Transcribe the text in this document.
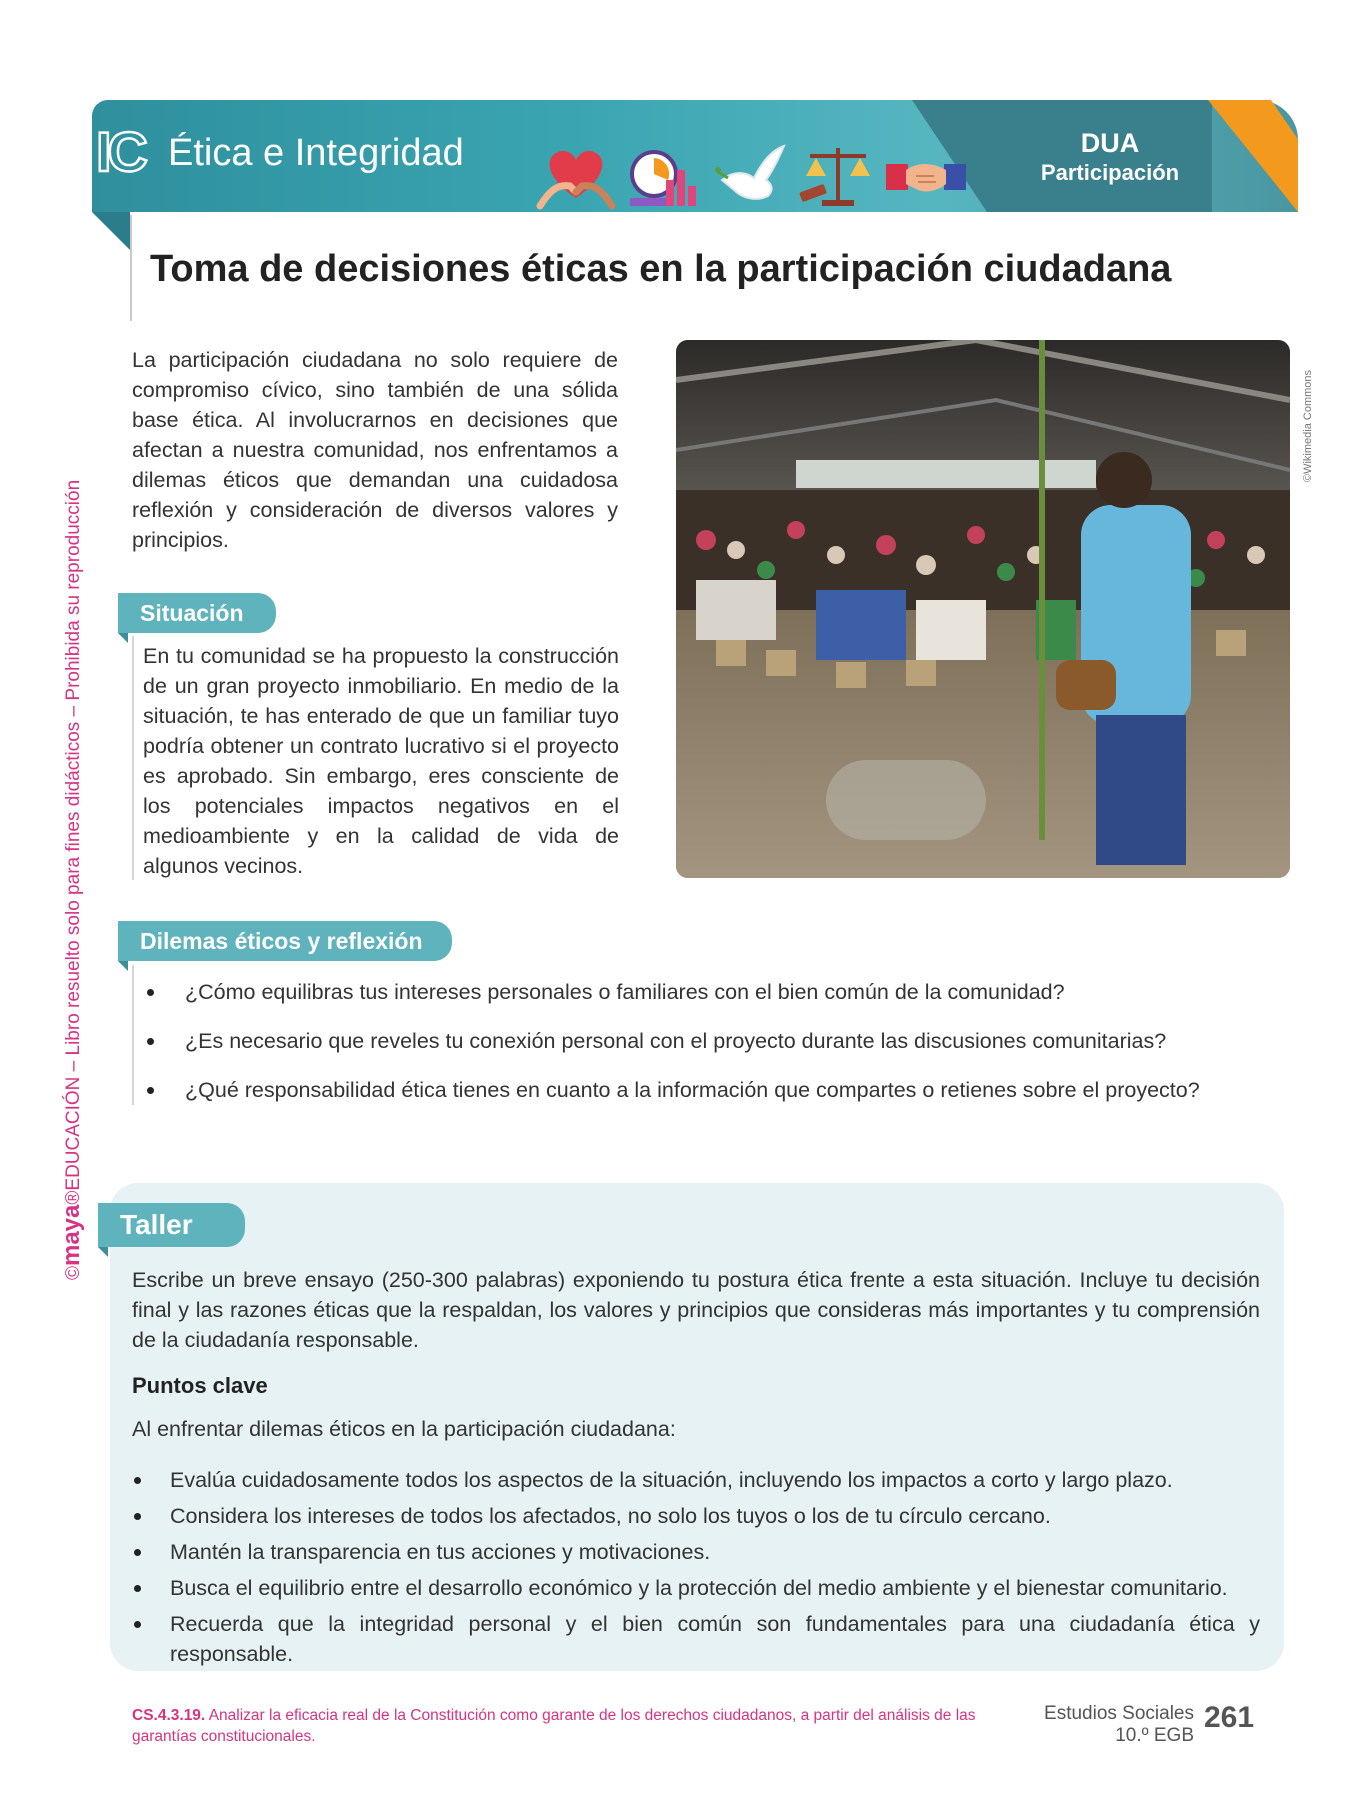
IC Ética e Integridad	DUA
Participación
©maya®EDUCACIÓN – Libro resuelto solo para fines didácticos – Prohibida su reproducción
Toma de decisiones éticas en la participación ciudadana
La participación ciudadana no solo requiere de compromiso cívico, sino también de una sólida base ética. Al involucrarnos en decisiones que afectan a nuestra comunidad, nos enfrentamos a dilemas éticos que demandan una cuidadosa reflexión y consideración de diversos valores y principios.
©Wikimedia Commons
Situación
En tu comunidad se ha propuesto la construcción de un gran proyecto inmobiliario. En medio de la situación, te has enterado de que un familiar tuyo podría obtener un contrato lucrativo si el proyecto es aprobado. Sin embargo, eres consciente de los potenciales impactos negativos en el medioambiente y en la calidad de vida de algunos vecinos.
Dilemas éticos y reflexión
¿Cómo equilibras tus intereses personales o familiares con el bien común de la comunidad?
¿Es necesario que reveles tu conexión personal con el proyecto durante las discusiones comunitarias?
¿Qué responsabilidad ética tienes en cuanto a la información que compartes o retienes sobre el proyecto?
Taller
Escribe un breve ensayo (250-300 palabras) exponiendo tu postura ética frente a esta situación. Incluye tu decisión final y las razones éticas que la respaldan, los valores y principios que consideras más importantes y tu comprensión de la ciudadanía responsable.
Puntos clave
Al enfrentar dilemas éticos en la participación ciudadana:
Evalúa cuidadosamente todos los aspectos de la situación, incluyendo los impactos a corto y largo plazo.
Considera los intereses de todos los afectados, no solo los tuyos o los de tu círculo cercano.
Mantén la transparencia en tus acciones y motivaciones.
Busca el equilibrio entre el desarrollo económico y la protección del medio ambiente y el bienestar comunitario.
Recuerda que la integridad personal y el bien común son fundamentales para una ciudadanía ética y responsable.
CS.4.3.19. Analizar la eficacia real de la Constitución como garante de los derechos ciudadanos, a partir del análisis de las garantías constitucionales.
Estudios Sociales
10.º EGB
261
